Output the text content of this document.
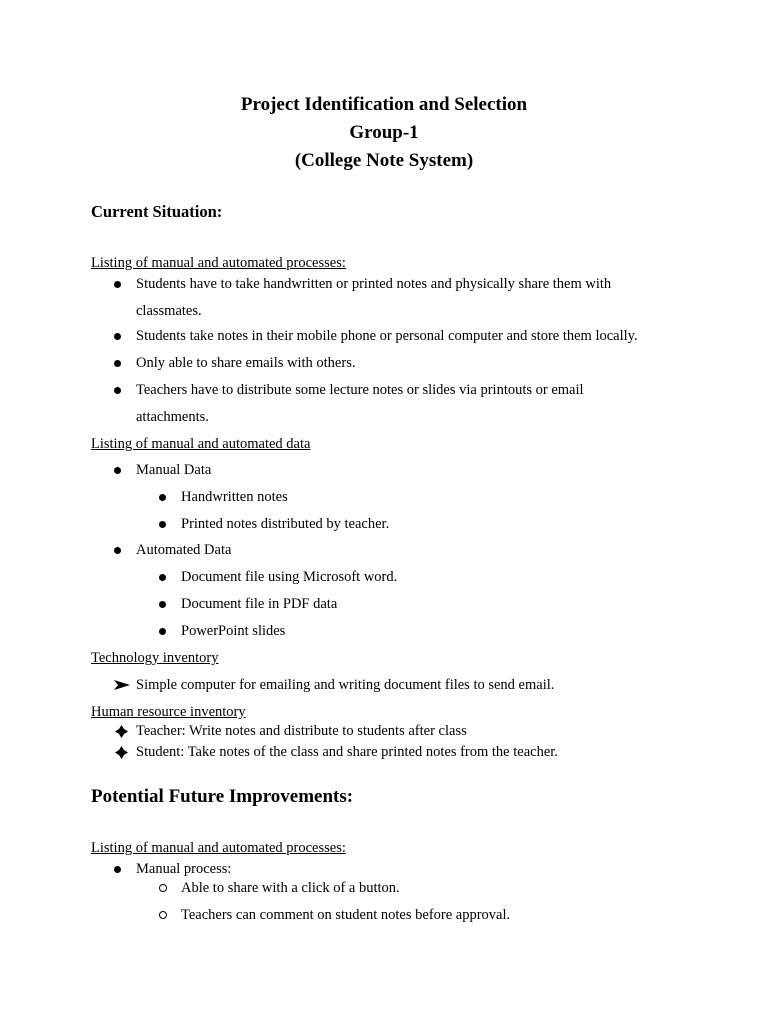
Project Identification and Selection
Group-1
(College Note System)
Current Situation:
Listing of manual and automated processes:
Students have to take handwritten or printed notes and physically share them with
classmates.
Students take notes in their mobile phone or personal computer and store them locally.
Only able to share emails with others.
Teachers have to distribute some lecture notes or slides via printouts or email
attachments.
Listing of manual and automated data
Manual Data
Handwritten notes
Printed notes distributed by teacher.
Automated Data
Document file using Microsoft word.
Document file in PDF data
PowerPoint slides
Technology inventory
Simple computer for emailing and writing document files to send email.
Human resource inventory
Teacher: Write notes and distribute to students after class
Student: Take notes of the class and share printed notes from the teacher.
Potential Future Improvements:
Listing of manual and automated processes:
Manual process:
Able to share with a click of a button.
Teachers can comment on student notes before approval.
